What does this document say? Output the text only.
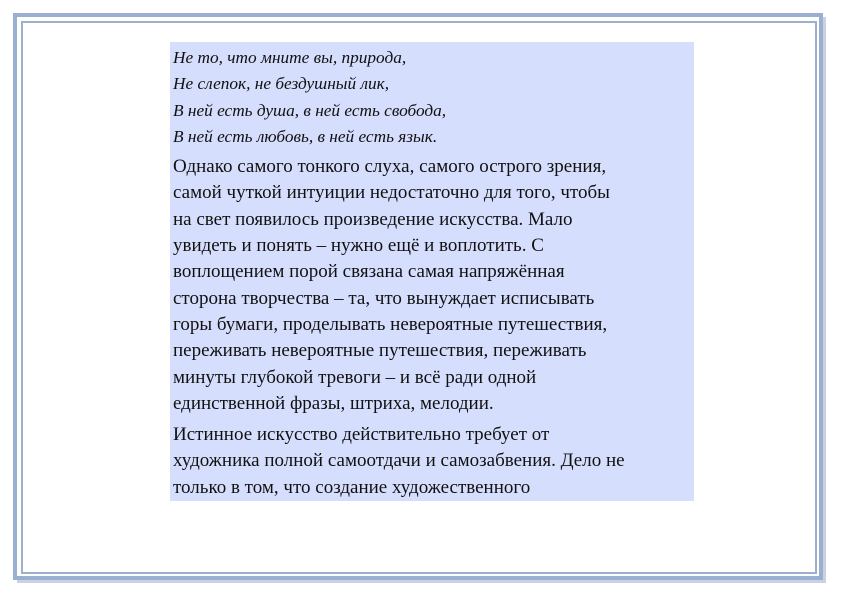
Не то, что мните вы, природа,
Не слепок, не бездушный лик,
В ней есть душа, в ней есть свобода,
В ней есть любовь, в ней есть язык.

Однако самого тонкого слуха, самого острого зрения,
самой чуткой интуиции недостаточно для того, чтобы
на свет появилось произведение искусства. Мало
увидеть и понять – нужно ещё и воплотить. С
воплощением порой связана самая напряжённая
сторона творчества – та, что вынуждает исписывать
горы бумаги, проделывать невероятные путешествия,
переживать невероятные путешествия, переживать
минуты глубокой тревоги – и всё ради одной
единственной фразы, штриха, мелодии.

Истинное искусство действительно требует от
художника полной самоотдачи и самозабвения. Дело не
только в том, что создание художественного
